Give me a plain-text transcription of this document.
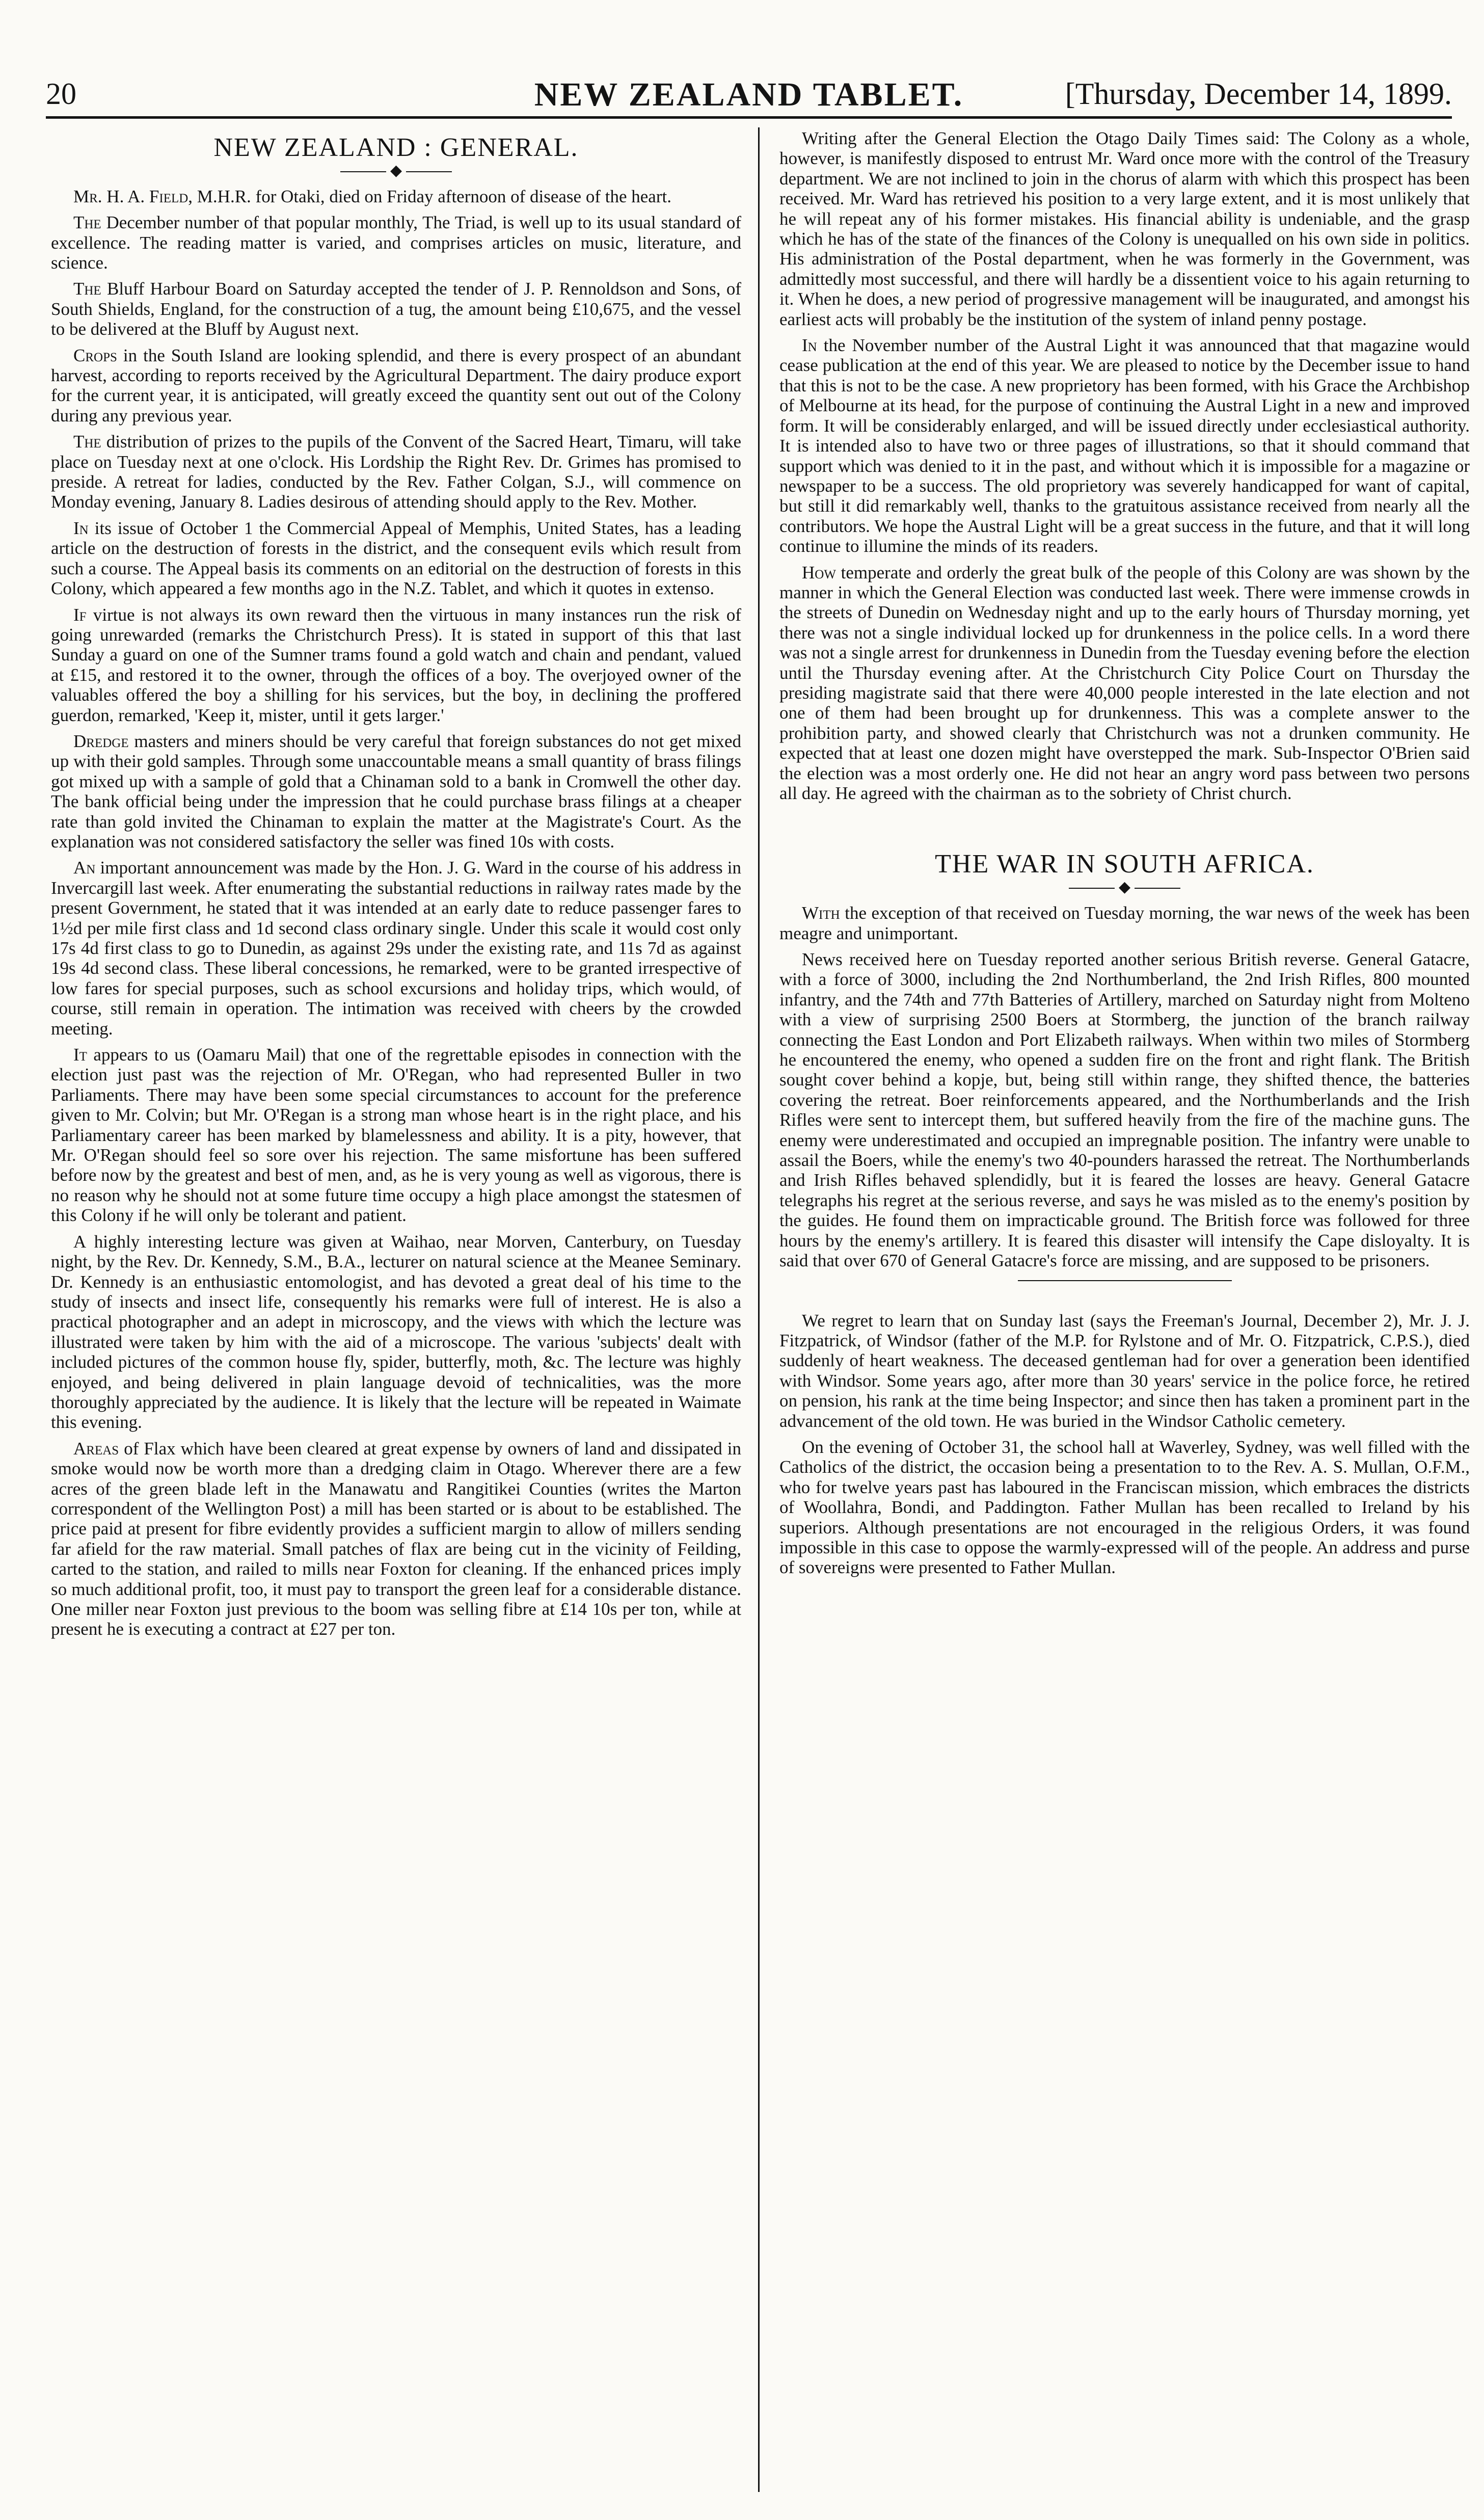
20	NEW ZEALAND TABLET.	[Thursday, December 14, 1899.
NEW ZEALAND : GENERAL.
◆

Mr. H. A. Field, M.H.R. for Otaki, died on Friday afternoon of disease of the heart.

The December number of that popular monthly, The Triad, is well up to its usual standard of excellence. The reading matter is varied, and comprises articles on music, literature, and science.

The Bluff Harbour Board on Saturday accepted the tender of J. P. Rennoldson and Sons, of South Shields, England, for the construction of a tug, the amount being £10,675, and the vessel to be delivered at the Bluff by August next.

Crops in the South Island are looking splendid, and there is every prospect of an abundant harvest, according to reports received by the Agricultural Department. The dairy produce export for the current year, it is anticipated, will greatly exceed the quantity sent out out of the Colony during any previous year.

The distribution of prizes to the pupils of the Convent of the Sacred Heart, Timaru, will take place on Tuesday next at one o'clock. His Lordship the Right Rev. Dr. Grimes has promised to preside. A retreat for ladies, conducted by the Rev. Father Colgan, S.J., will commence on Monday evening, January 8. Ladies desirous of attending should apply to the Rev. Mother.

In its issue of October 1 the Commercial Appeal of Memphis, United States, has a leading article on the destruction of forests in the district, and the consequent evils which result from such a course. The Appeal basis its comments on an editorial on the destruction of forests in this Colony, which appeared a few months ago in the N.Z. Tablet, and which it quotes in extenso.

If virtue is not always its own reward then the virtuous in many instances run the risk of going unrewarded (remarks the Christchurch Press). It is stated in support of this that last Sunday a guard on one of the Sumner trams found a gold watch and chain and pendant, valued at £15, and restored it to the owner, through the offices of a boy. The overjoyed owner of the valuables offered the boy a shilling for his services, but the boy, in declining the proffered guerdon, remarked, 'Keep it, mister, until it gets larger.'

Dredge masters and miners should be very careful that foreign substances do not get mixed up with their gold samples. Through some unaccountable means a small quantity of brass filings got mixed up with a sample of gold that a Chinaman sold to a bank in Cromwell the other day. The bank official being under the impression that he could purchase brass filings at a cheaper rate than gold invited the Chinaman to explain the matter at the Magistrate's Court. As the explanation was not considered satisfactory the seller was fined 10s with costs.

An important announcement was made by the Hon. J. G. Ward in the course of his address in Invercargill last week. After enumerating the substantial reductions in railway rates made by the present Government, he stated that it was intended at an early date to reduce passenger fares to 1½d per mile first class and 1d second class ordinary single. Under this scale it would cost only 17s 4d first class to go to Dunedin, as against 29s under the existing rate, and 11s 7d as against 19s 4d second class. These liberal concessions, he remarked, were to be granted irrespective of low fares for special purposes, such as school excursions and holiday trips, which would, of course, still remain in operation. The intimation was received with cheers by the crowded meeting.

It appears to us (Oamaru Mail) that one of the regrettable episodes in connection with the election just past was the rejection of Mr. O'Regan, who had represented Buller in two Parliaments. There may have been some special circumstances to account for the preference given to Mr. Colvin; but Mr. O'Regan is a strong man whose heart is in the right place, and his Parliamentary career has been marked by blamelessness and ability. It is a pity, however, that Mr. O'Regan should feel so sore over his rejection. The same misfortune has been suffered before now by the greatest and best of men, and, as he is very young as well as vigorous, there is no reason why he should not at some future time occupy a high place amongst the statesmen of this Colony if he will only be tolerant and patient.

A highly interesting lecture was given at Waihao, near Morven, Canterbury, on Tuesday night, by the Rev. Dr. Kennedy, S.M., B.A., lecturer on natural science at the Meanee Seminary. Dr. Kennedy is an enthusiastic entomologist, and has devoted a great deal of his time to the study of insects and insect life, consequently his remarks were full of interest. He is also a practical photographer and an adept in microscopy, and the views with which the lecture was illustrated were taken by him with the aid of a microscope. The various 'subjects' dealt with included pictures of the common house fly, spider, butterfly, moth, &c. The lecture was highly enjoyed, and being delivered in plain language devoid of technicalities, was the more thoroughly appreciated by the audience. It is likely that the lecture will be repeated in Waimate this evening.

Areas of Flax which have been cleared at great expense by owners of land and dissipated in smoke would now be worth more than a dredging claim in Otago. Wherever there are a few acres of the green blade left in the Manawatu and Rangitikei Counties (writes the Marton correspondent of the Wellington Post) a mill has been started or is about to be established. The price paid at present for fibre evidently provides a sufficient margin to allow of millers sending far afield for the raw material. Small patches of flax are being cut in the vicinity of Feilding, carted to the station, and railed to mills near Foxton for cleaning. If the enhanced prices imply so much additional profit, too, it must pay to transport the green leaf for a considerable distance. One miller near Foxton just previous to the boom was selling fibre at £14 10s per ton, while at present he is executing a contract at £27 per ton.

Writing after the General Election the Otago Daily Times said: The Colony as a whole, however, is manifestly disposed to entrust Mr. Ward once more with the control of the Treasury department. We are not inclined to join in the chorus of alarm with which this prospect has been received. Mr. Ward has retrieved his position to a very large extent, and it is most unlikely that he will repeat any of his former mistakes. His financial ability is undeniable, and the grasp which he has of the state of the finances of the Colony is unequalled on his own side in politics. His administration of the Postal department, when he was formerly in the Government, was admittedly most successful, and there will hardly be a dissentient voice to his again returning to it. When he does, a new period of progressive management will be inaugurated, and amongst his earliest acts will probably be the institution of the system of inland penny postage.

In the November number of the Austral Light it was announced that that magazine would cease publication at the end of this year. We are pleased to notice by the December issue to hand that this is not to be the case. A new proprietory has been formed, with his Grace the Archbishop of Melbourne at its head, for the purpose of continuing the Austral Light in a new and improved form. It will be considerably enlarged, and will be issued directly under ecclesiastical authority. It is intended also to have two or three pages of illustrations, so that it should command that support which was denied to it in the past, and without which it is impossible for a magazine or newspaper to be a success. The old proprietory was severely handicapped for want of capital, but still it did remarkably well, thanks to the gratuitous assistance received from nearly all the contributors. We hope the Austral Light will be a great success in the future, and that it will long continue to illumine the minds of its readers.

How temperate and orderly the great bulk of the people of this Colony are was shown by the manner in which the General Election was conducted last week. There were immense crowds in the streets of Dunedin on Wednesday night and up to the early hours of Thursday morning, yet there was not a single individual locked up for drunkenness in the police cells. In a word there was not a single arrest for drunkenness in Dunedin from the Tuesday evening before the election until the Thursday evening after. At the Christchurch City Police Court on Thursday the presiding magistrate said that there were 40,000 people interested in the late election and not one of them had been brought up for drunkenness. This was a complete answer to the prohibition party, and showed clearly that Christchurch was not a drunken community. He expected that at least one dozen might have overstepped the mark. Sub-Inspector O'Brien said the election was a most orderly one. He did not hear an angry word pass between two persons all day. He agreed with the chairman as to the sobriety of Christ church.

THE WAR IN SOUTH AFRICA.
◆

With the exception of that received on Tuesday morning, the war news of the week has been meagre and unimportant.

News received here on Tuesday reported another serious British reverse. General Gatacre, with a force of 3000, including the 2nd Northumberland, the 2nd Irish Rifles, 800 mounted infantry, and the 74th and 77th Batteries of Artillery, marched on Saturday night from Molteno with a view of surprising 2500 Boers at Stormberg, the junction of the branch railway connecting the East London and Port Elizabeth railways. When within two miles of Stormberg he encountered the enemy, who opened a sudden fire on the front and right flank. The British sought cover behind a kopje, but, being still within range, they shifted thence, the batteries covering the retreat. Boer reinforcements appeared, and the Northumberlands and the Irish Rifles were sent to intercept them, but suffered heavily from the fire of the machine guns. The enemy were underestimated and occupied an impregnable position. The infantry were unable to assail the Boers, while the enemy's two 40-pounders harassed the retreat. The Northumberlands and Irish Rifles behaved splendidly, but it is feared the losses are heavy. General Gatacre telegraphs his regret at the serious reverse, and says he was misled as to the enemy's position by the guides. He found them on impracticable ground. The British force was followed for three hours by the enemy's artillery. It is feared this disaster will intensify the Cape disloyalty. It is said that over 670 of General Gatacre's force are missing, and are supposed to be prisoners.

We regret to learn that on Sunday last (says the Freeman's Journal, December 2), Mr. J. J. Fitzpatrick, of Windsor (father of the M.P. for Rylstone and of Mr. O. Fitzpatrick, C.P.S.), died suddenly of heart weakness. The deceased gentleman had for over a generation been identified with Windsor. Some years ago, after more than 30 years' service in the police force, he retired on pension, his rank at the time being Inspector; and since then has taken a prominent part in the advancement of the old town. He was buried in the Windsor Catholic cemetery.

On the evening of October 31, the school hall at Waverley, Sydney, was well filled with the Catholics of the district, the occasion being a presentation to to the Rev. A. S. Mullan, O.F.M., who for twelve years past has laboured in the Franciscan mission, which embraces the districts of Woollahra, Bondi, and Paddington. Father Mullan has been recalled to Ireland by his superiors. Although presentations are not encouraged in the religious Orders, it was found impossible in this case to oppose the warmly-expressed will of the people. An address and purse of sovereigns were presented to Father Mullan.
